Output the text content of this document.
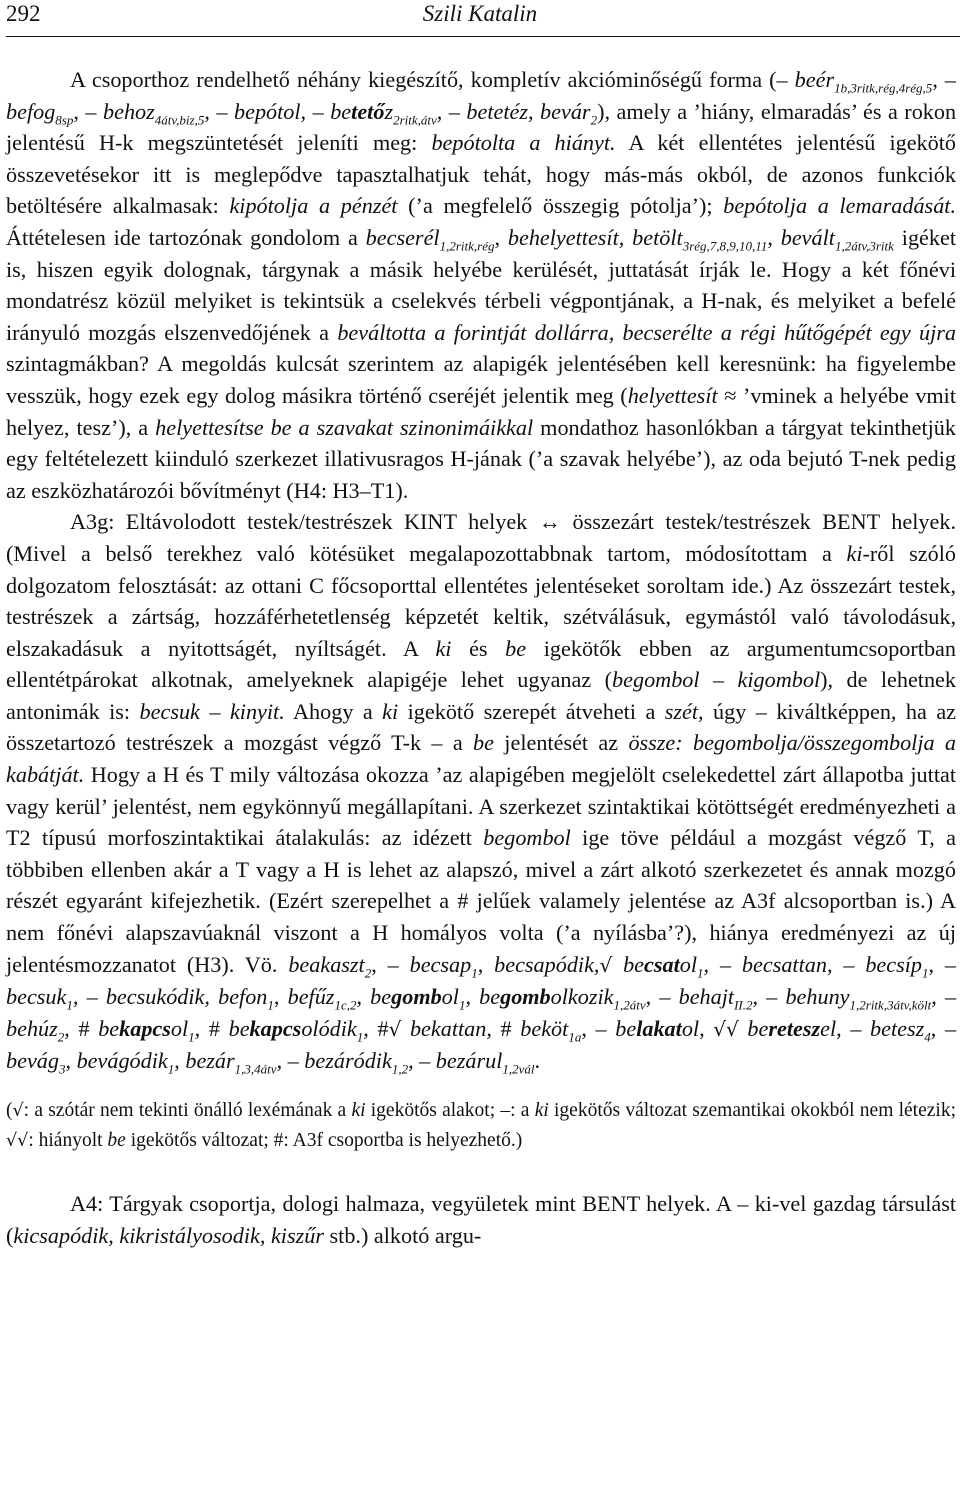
292	Szili Katalin

A csoporthoz rendelhető néhány kiegészítő, kompletív akcióminőségű forma (– beér$_{1b,3ritk,rég,4rég,5}$, – befog$_{8sp}$, – behoz$_{4átv,biz,5}$, – bepótol, – betetőz$_{2ritk,átv}$, – betetéz, bevár$_2$), amely a ’hiány, elmaradás’ és a rokon jelentésű H-k megszüntetését jeleníti meg: bepótolta a hiányt. A két ellentétes jelentésű igekötő összevetésekor itt is meglepődve tapasztalhatjuk tehát, hogy más-más okból, de azonos funkciók betöltésére alkalmasak: kipótolja a pénzét (’a megfelelő összegig pótolja’); bepótolja a lemaradását. Áttételesen ide tartozónak gondolom a becserél$_{1,2ritk,rég}$, behelyettesít, betölt$_{3rég,7,8,9,10,11}$, bevált$_{1,2átv,3ritk}$ igéket is, hiszen egyik dolognak, tárgynak a másik helyébe kerülését, juttatását írják le. Hogy a két főnévi mondatrész közül melyiket is tekintsük a cselekvés térbeli végpontjának, a H-nak, és melyiket a befelé irányuló mozgás elszenvedőjének a beváltotta a forintját dollárra, becserélte a régi hűtőgépét egy újra szintagmákban? A megoldás kulcsát szerintem az alapigék jelentésében kell keresnünk: ha figyelembe vesszük, hogy ezek egy dolog másikra történő cseréjét jelentik meg (helyettesít ≈ ’vminek a helyébe vmit helyez, tesz’), a helyettesítse be a szavakat szinonimáikkal mondathoz hasonlókban a tárgyat tekinthetjük egy feltételezett kiinduló szerkezet illativusragos H-jának (’a szavak helyébe’), az oda bejutó T-nek pedig az eszközhatározói bővítményt (H4: H3–T1).

A3g: Eltávolodott testek/testrészek KINT helyek ↔ összezárt testek/testrészek BENT helyek. (Mivel a belső terekhez való kötésüket megalapozottabbnak tartom, módosítottam a ki-ről szóló dolgozatom felosztását: az ottani C főcsoporttal ellentétes jelentéseket soroltam ide.) Az összezárt testek, testrészek a zártság, hozzáférhetetlenség képzetét keltik, szétválásuk, egymástól való távolodásuk, elszakadásuk a nyitottságét, nyíltságét. A ki és be igekötők ebben az argumentumcsoportban ellentétpárokat alkotnak, amelyeknek alapigéje lehet ugyanaz (begombol – kigombol), de lehetnek antonimák is: becsuk – kinyit. Ahogy a ki igekötő szerepét átveheti a szét, úgy – kiváltképpen, ha az összetartozó testrészek a mozgást végző T-k – a be jelentését az össze: begombolja/összegombolja a kabátját. Hogy a H és T mily változása okozza ’az alapigében megjelölt cselekedettel zárt állapotba juttat vagy kerül’ jelentést, nem egykönnyű megállapítani. A szerkezet szintaktikai kötöttségét eredményezheti a T2 típusú morfoszintaktikai átalakulás: az idézett begombol ige töve például a mozgást végző T, a többiben ellenben akár a T vagy a H is lehet az alapszó, mivel a zárt alkotó szerkezetet és annak mozgó részét egyaránt kifejezhetik. (Ezért szerepelhet a # jelűek valamely jelentése az A3f alcsoportban is.) A nem főnévi alapszavúaknál viszont a H homályos volta (’a nyílásba’?), hiánya eredményezi az új jelentésmozzanatot (H3). Vö. beakaszt$_2$, – becsap$_1$, becsapódik,√ becsatol$_1$, – becsattan, – becsíp$_1$, – becsuk$_1$, – becsukódik, befon$_1$, befűz$_{1c,2}$, begombol$_1$, begombolkozik$_{1,2átv}$, – behajt$_{II.2}$, – behuny$_{1,2ritk,3átv,költ}$, – behúz$_2$, # bekapcsol$_1$, # bekapcsolódik$_1$, #√ bekattan, # beköt$_{1a}$, – belakatol, √√ bereteszel, – betesz$_4$, – bevág$_3$, bevágódik$_1$, bezár$_{1,3,4átv}$, – bezáródik$_{1,2}$, – bezárul$_{1,2vál}$.

(√: a szótár nem tekinti önálló lexémának a ki igekötős alakot; –: a ki igekötős változat szemantikai okokból nem létezik; √√: hiányolt be igekötős változat; #: A3f csoportba is helyezhető.)

A4: Tárgyak csoportja, dologi halmaza, vegyületek mint BENT helyek. A – ki-vel gazdag társulást (kicsapódik, kikristályosodik, kiszűr stb.) alkotó argu-
